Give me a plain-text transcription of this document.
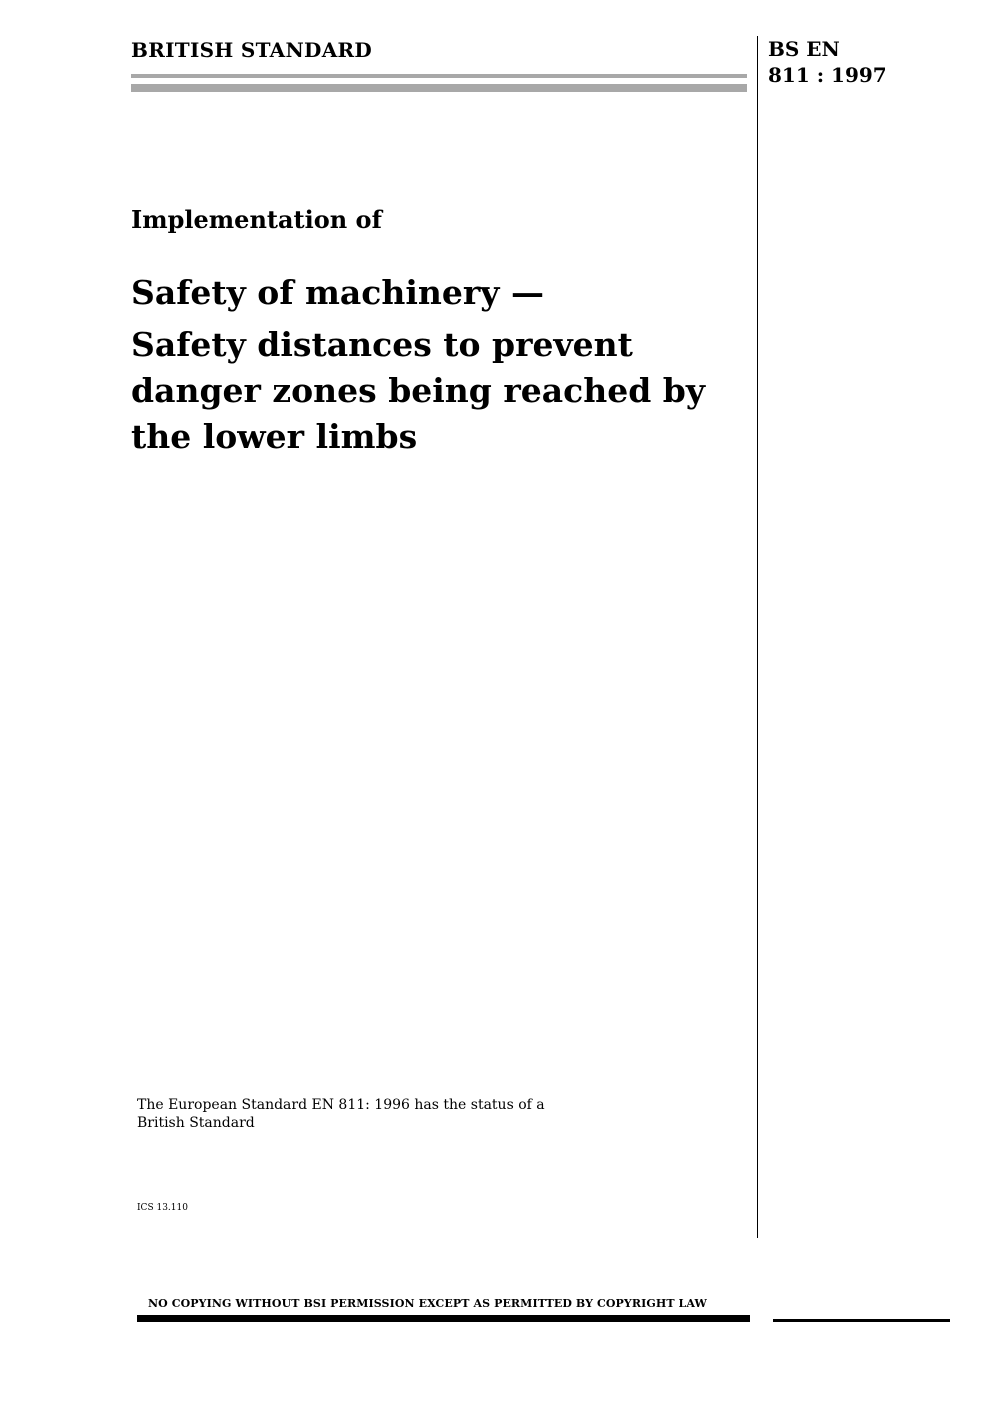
BRITISH STANDARD	BS EN
811 : 1997
Implementation of
Safety of machinery —
Safety distances to prevent
danger zones being reached by
the lower limbs
The European Standard EN 811: 1996 has the status of a
British Standard
ICS 13.110
NO COPYING WITHOUT BSI PERMISSION EXCEPT AS PERMITTED BY COPYRIGHT LAW
